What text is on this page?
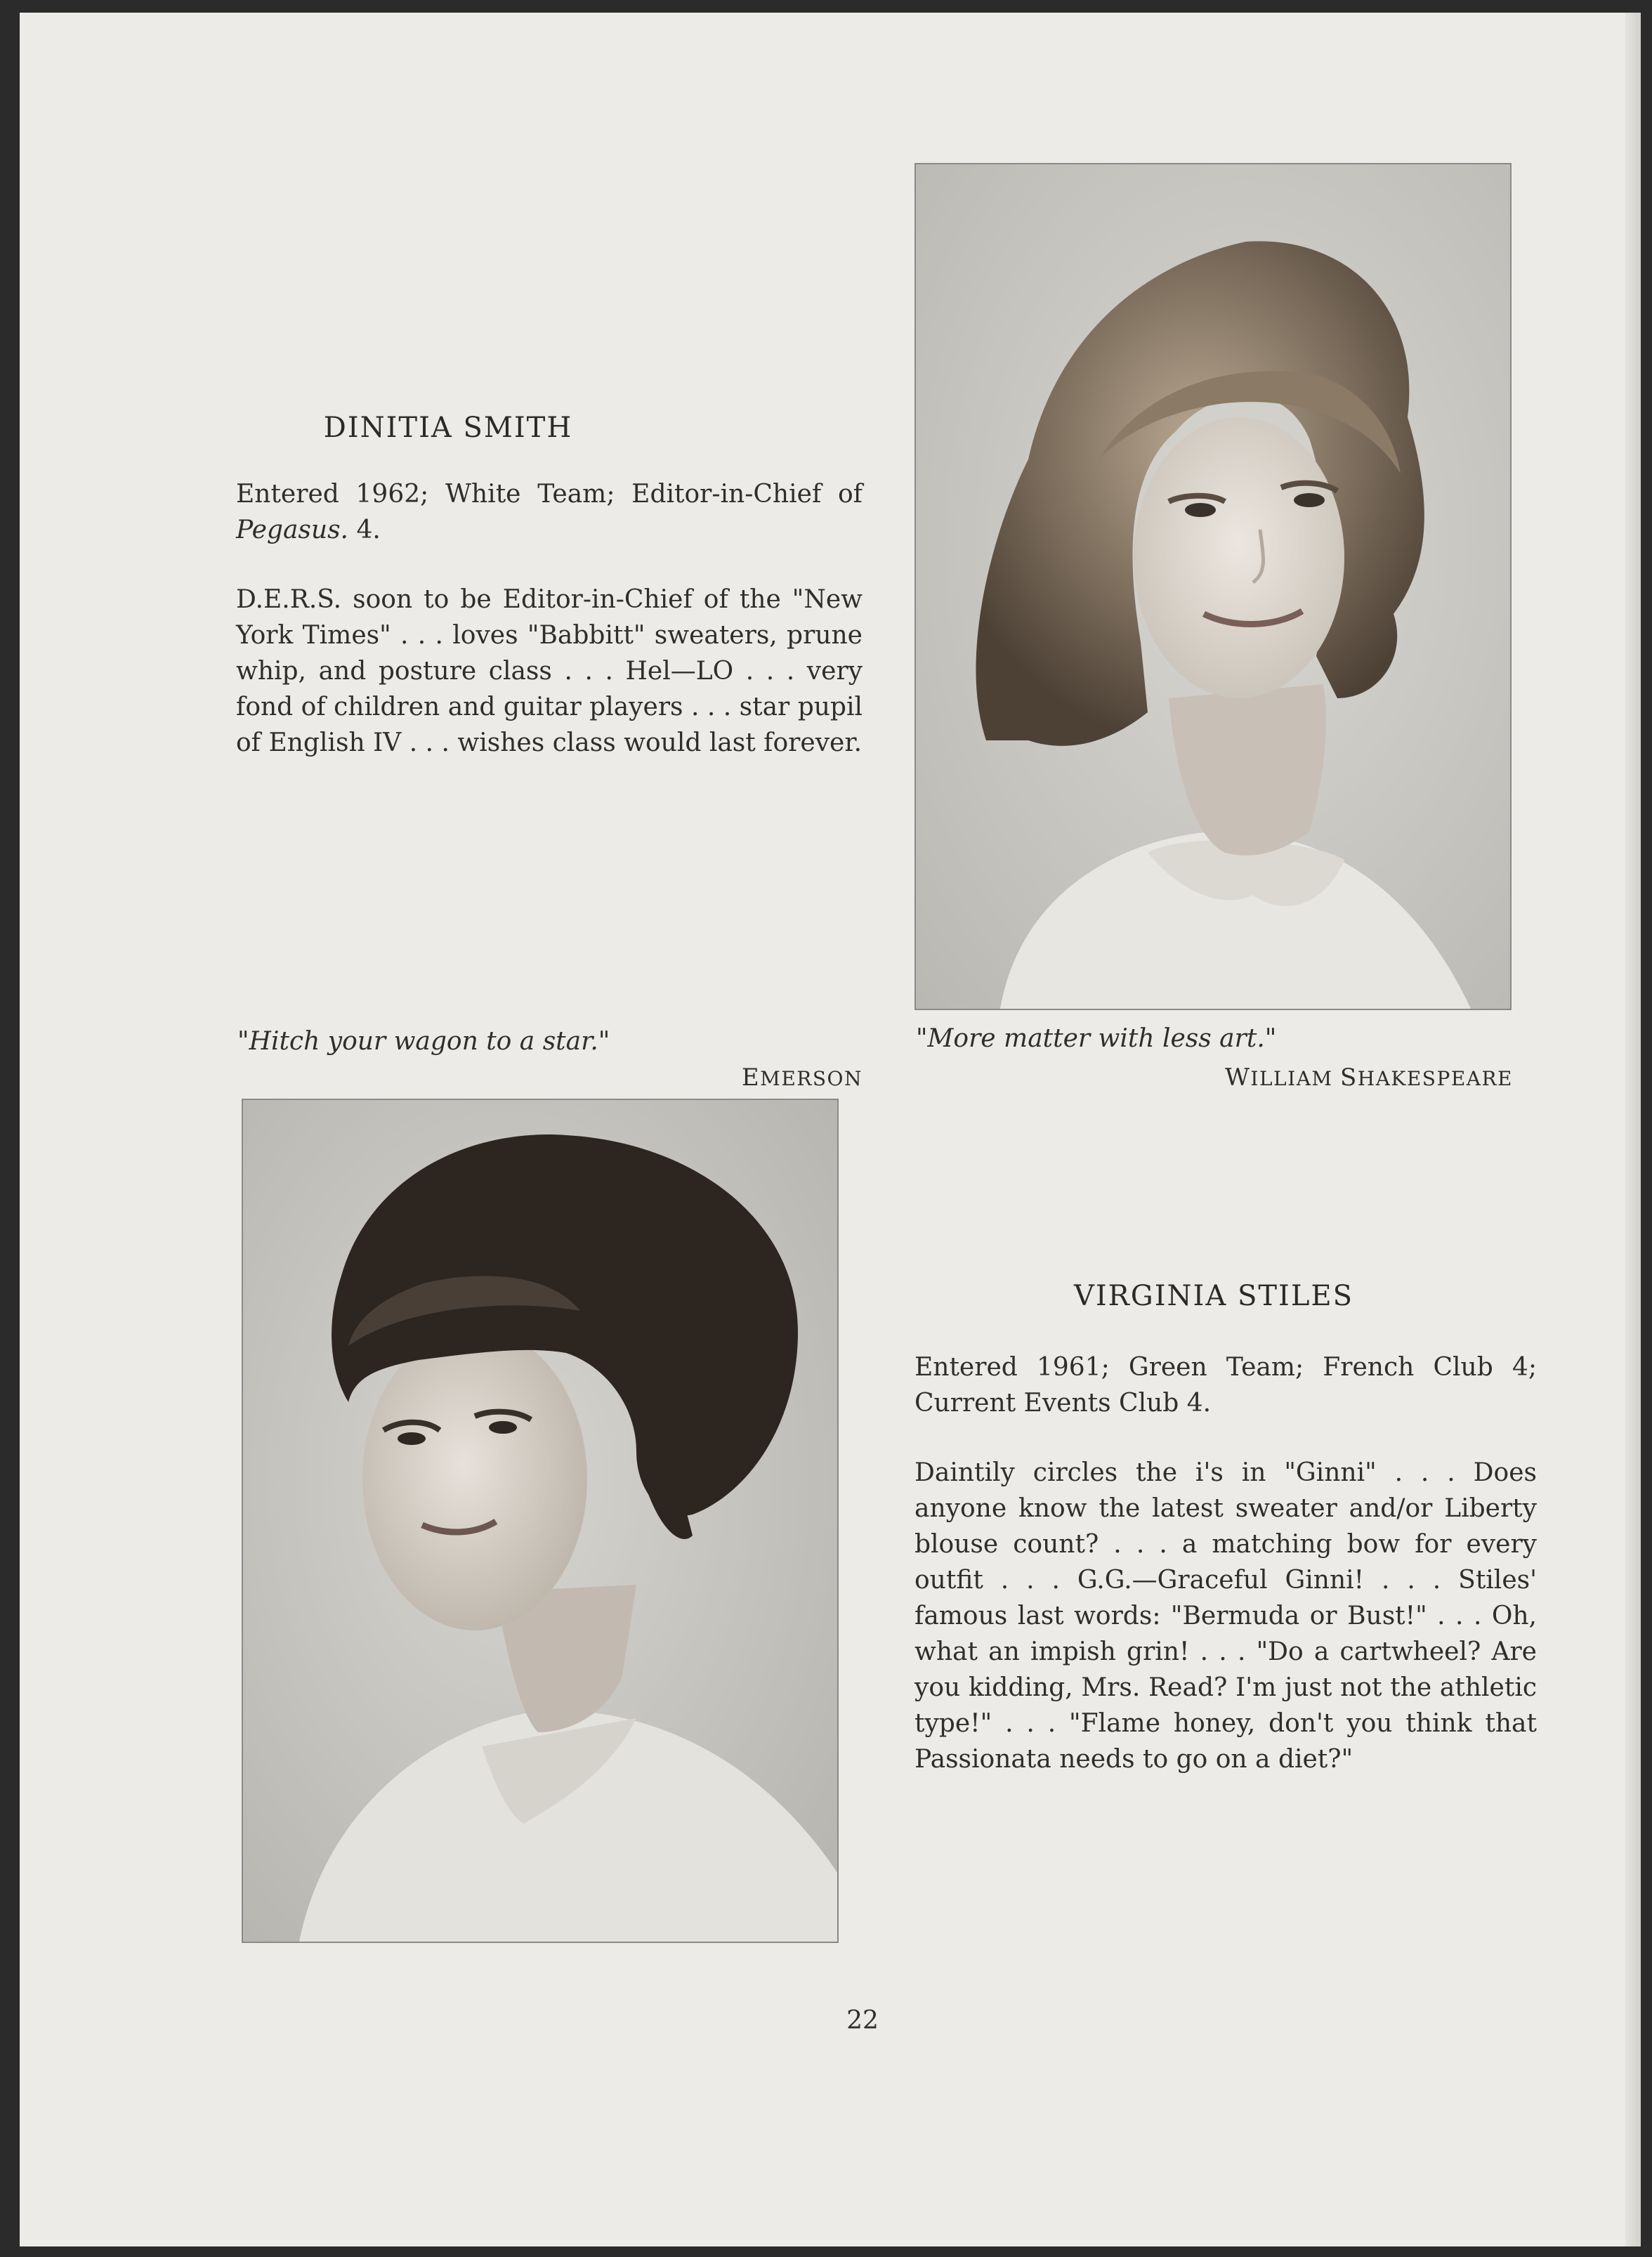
DINITIA SMITH
Entered 1962; White Team; Editor-in-Chief of Pegasus. 4.
D.E.R.S. soon to be Editor-in-Chief of the "New York Times" . . . loves "Babbitt" sweaters, prune whip, and posture class . . . Hel—LO . . . very fond of children and guitar players . . . star pupil of English IV . . . wishes class would last forever.
"Hitch your wagon to a star."
EMERSON
"More matter with less art."
WILLIAM SHAKESPEARE
VIRGINIA STILES
Entered 1961; Green Team; French Club 4; Current Events Club 4.
Daintily circles the i's in "Ginni" . . . Does anyone know the latest sweater and/or Liberty blouse count? . . . a matching bow for every outfit . . . G.G.—Graceful Ginni! . . . Stiles' famous last words: "Bermuda or Bust!" . . . Oh, what an impish grin! . . . "Do a cartwheel? Are you kidding, Mrs. Read? I'm just not the athletic type!" . . . "Flame honey, don't you think that Passionata needs to go on a diet?"
22
